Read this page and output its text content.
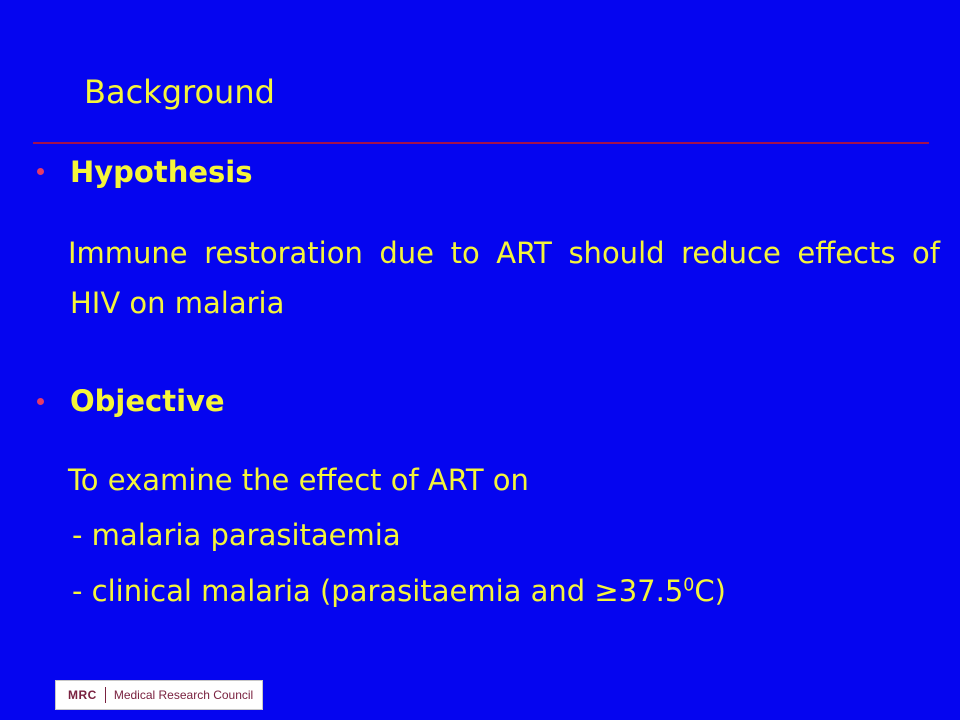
Background
Hypothesis
Immune restoration due to ART should reduce effects of HIV on malaria
Objective
To examine the effect of ART on
- malaria parasitaemia
- clinical malaria (parasitaemia and $\ge 37.5^0C$)
MRC Medical Research Council
